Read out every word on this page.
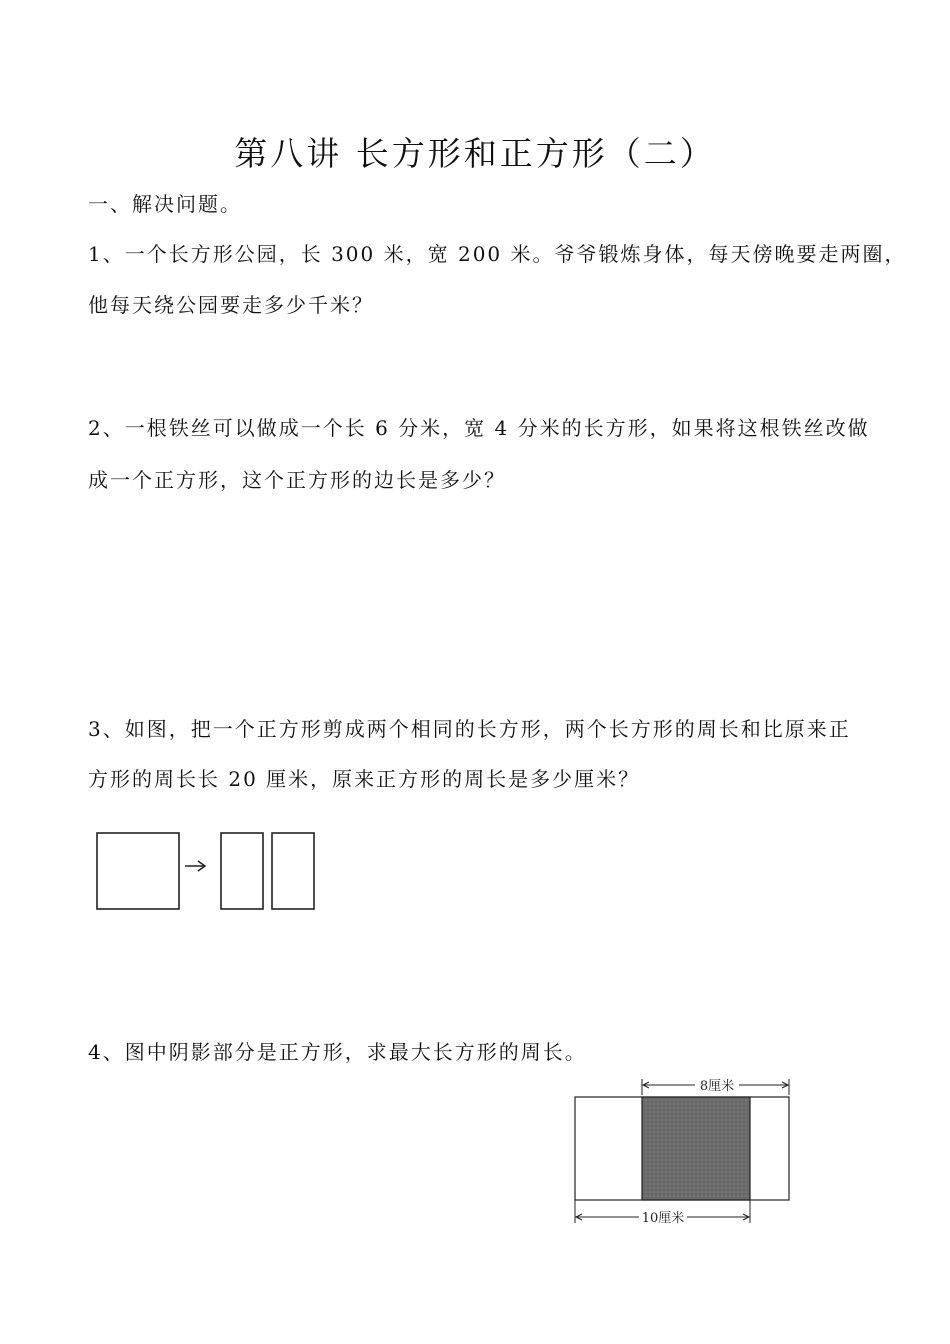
第八讲 长方形和正方形（二）
一、解决问题。
1、一个长方形公园，长 300 米，宽 200 米。爷爷锻炼身体，每天傍晚要走两圈，
他每天绕公园要走多少千米？
2、一根铁丝可以做成一个长 6 分米，宽 4 分米的长方形，如果将这根铁丝改做
成一个正方形，这个正方形的边长是多少？
3、如图，把一个正方形剪成两个相同的长方形，两个长方形的周长和比原来正
方形的周长长 20 厘米，原来正方形的周长是多少厘米？
4、图中阴影部分是正方形，求最大长方形的周长。
8厘米
10厘米
